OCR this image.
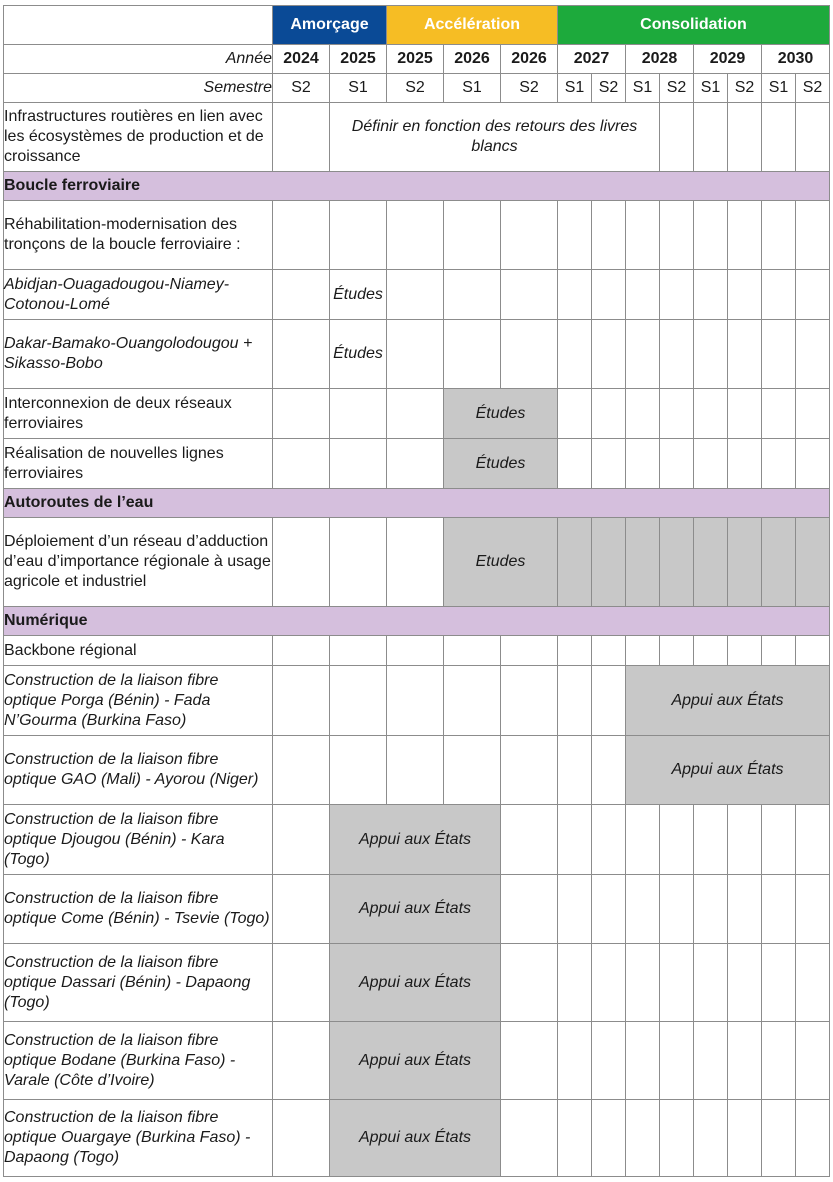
	Amorçage		Accélération			Consolidation							
Année	2024	2025	2025	2026	2026	2027		2028		2029		2030	
Semestre	S2	S1	S2	S1	S2	S1	S2	S1	S2	S1	S2	S1	S2
Infrastructures routières en lien avec les écosystèmes de production et de croissance		Définir en fonction des retours des livres blancs											
Boucle ferroviaire													
Réhabilitation-modernisation des tronçons de la boucle ferroviaire :													
Abidjan-Ouagadougou-Niamey-Cotonou-Lomé		Études											
Dakar-Bamako-Ouangolodougou + Sikasso-Bobo		Études											
Interconnexion de deux réseaux ferroviaires				Études									
Réalisation de nouvelles lignes ferroviaires				Études									
Autoroutes de l’eau													
Déploiement d’un réseau d’adduction d’eau d’importance régionale à usage agricole et industriel				Etudes									
Numérique													
Backbone régional													
Construction de la liaison fibre optique Porga (Bénin) - Fada N’Gourma (Burkina Faso)								Appui aux États					
Construction de la liaison fibre optique GAO (Mali) - Ayorou (Niger)								Appui aux États					
Construction de la liaison fibre optique Djougou (Bénin) - Kara (Togo)		Appui aux États											
Construction de la liaison fibre optique Come (Bénin) - Tsevie (Togo)		Appui aux États											
Construction de la liaison fibre optique Dassari (Bénin) - Dapaong (Togo)		Appui aux États											
Construction de la liaison fibre optique Bodane (Burkina Faso) - Varale (Côte d’Ivoire)		Appui aux États											
Construction de la liaison fibre optique Ouargaye (Burkina Faso) - Dapaong (Togo)		Appui aux États											
